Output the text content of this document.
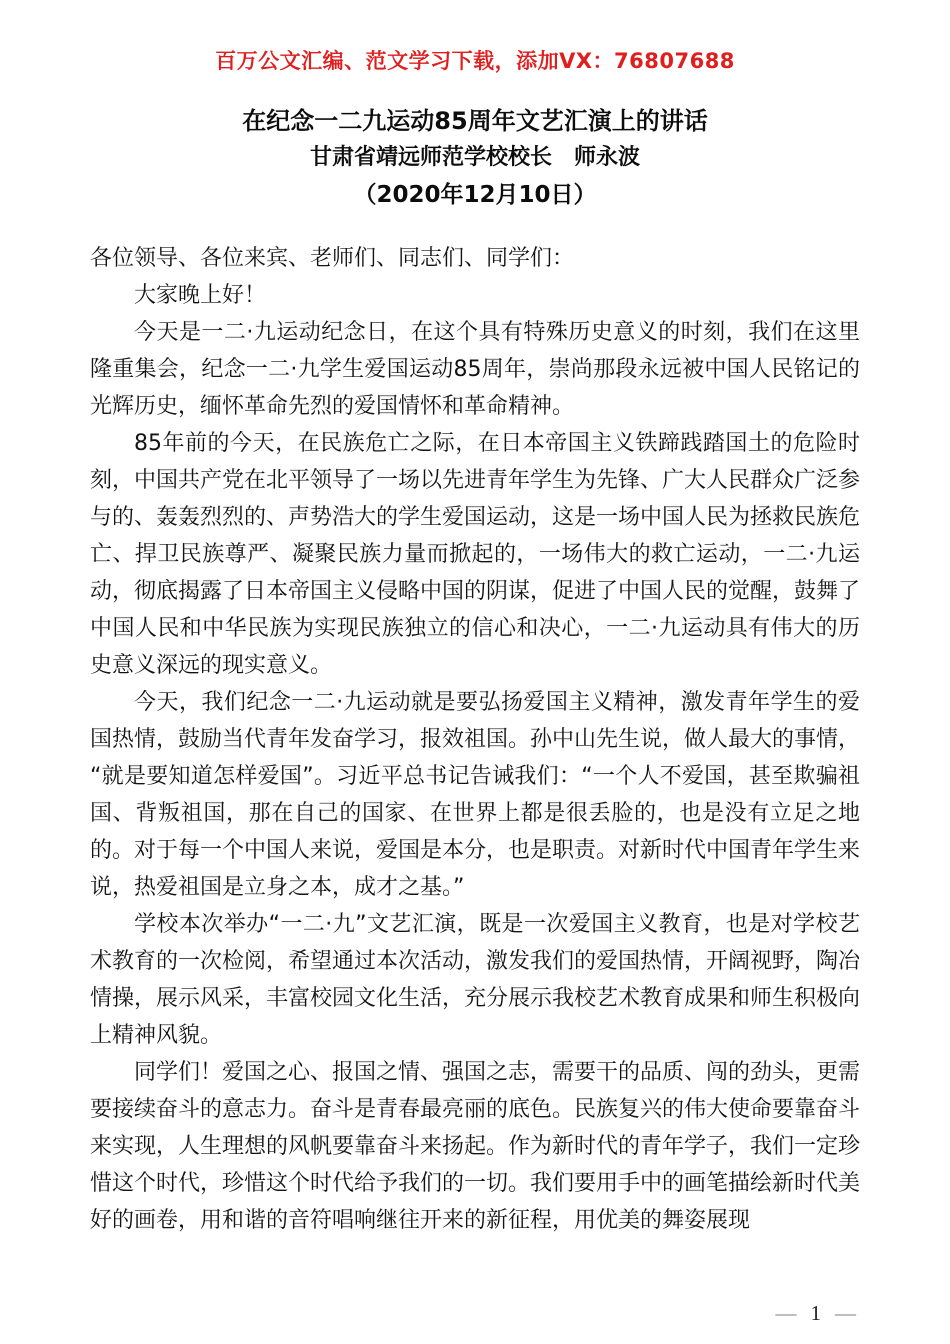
百万公文汇编、范文学习下载，添加VX：76807688
在纪念一二九运动85周年文艺汇演上的讲话
甘肃省靖远师范学校校长　师永波
（2020年12月10日）

各位领导、各位来宾、老师们、同志们、同学们：

大家晚上好！

今天是一二·九运动纪念日，在这个具有特殊历史意义的时刻，我们在这里隆重集会，纪念一二·九学生爱国运动85周年，崇尚那段永远被中国人民铭记的光辉历史，缅怀革命先烈的爱国情怀和革命精神。

85年前的今天，在民族危亡之际，在日本帝国主义铁蹄践踏国土的危险时刻，中国共产党在北平领导了一场以先进青年学生为先锋、广大人民群众广泛参与的、轰轰烈烈的、声势浩大的学生爱国运动，这是一场中国人民为拯救民族危亡、捍卫民族尊严、凝聚民族力量而掀起的，一场伟大的救亡运动，一二·九运动，彻底揭露了日本帝国主义侵略中国的阴谋，促进了中国人民的觉醒，鼓舞了中国人民和中华民族为实现民族独立的信心和决心，一二·九运动具有伟大的历史意义深远的现实意义。

今天，我们纪念一二·九运动就是要弘扬爱国主义精神，激发青年学生的爱国热情，鼓励当代青年发奋学习，报效祖国。孙中山先生说，做人最大的事情，“就是要知道怎样爱国”。习近平总书记告诫我们：“一个人不爱国，甚至欺骗祖国、背叛祖国，那在自己的国家、在世界上都是很丢脸的，也是没有立足之地的。对于每一个中国人来说，爱国是本分，也是职责。对新时代中国青年学生来说，热爱祖国是立身之本，成才之基。”

学校本次举办“一二·九”文艺汇演，既是一次爱国主义教育，也是对学校艺术教育的一次检阅，希望通过本次活动，激发我们的爱国热情，开阔视野，陶冶情操，展示风采，丰富校园文化生活，充分展示我校艺术教育成果和师生积极向上精神风貌。

同学们！爱国之心、报国之情、强国之志，需要干的品质、闯的劲头，更需要接续奋斗的意志力。奋斗是青春最亮丽的底色。民族复兴的伟大使命要靠奋斗来实现，人生理想的风帆要靠奋斗来扬起。作为新时代的青年学子，我们一定珍惜这个时代，珍惜这个时代给予我们的一切。我们要用手中的画笔描绘新时代美好的画卷，用和谐的音符唱响继往开来的新征程，用优美的舞姿展现

— 1 —
